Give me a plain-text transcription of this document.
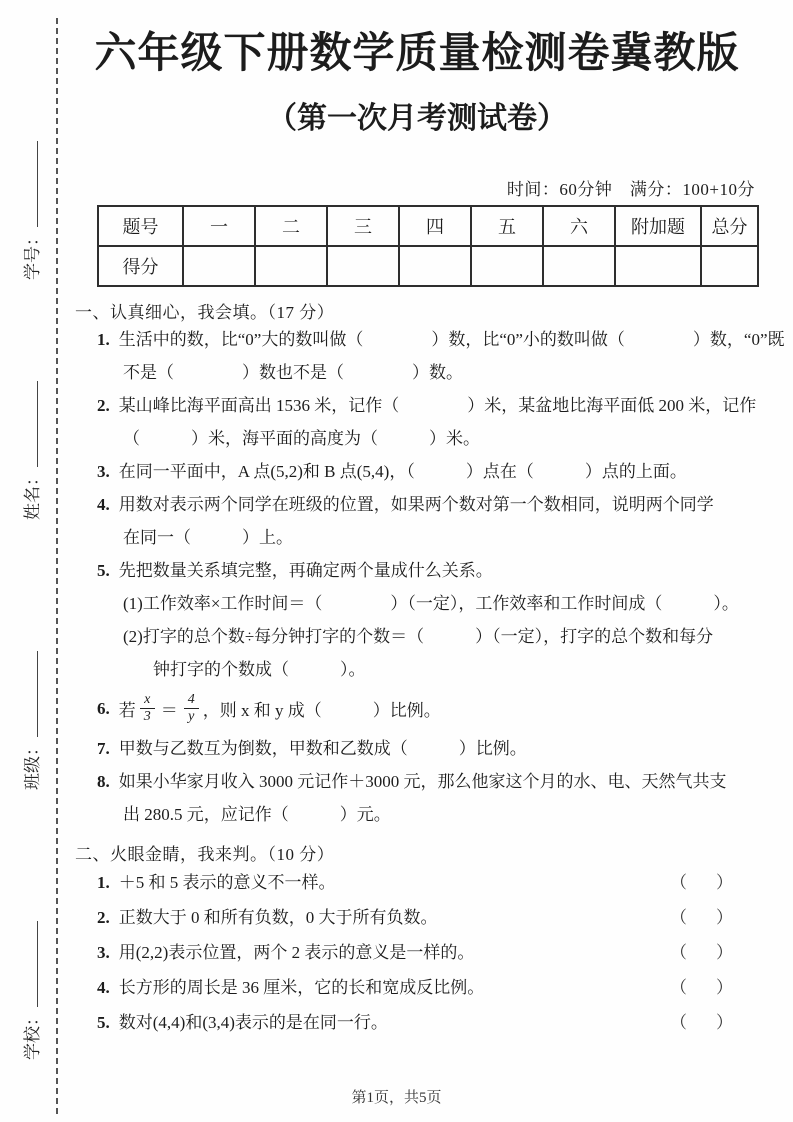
学号：
姓名：
班级：
学校：
六年级下册数学质量检测卷冀教版
（第一次月考测试卷）
时间：60分钟　满分：100+10分
题号	一	二	三	四	五	六	附加题	总分
得分								
一、认真细心，我会填。（17 分）
1. 生活中的数，比“0”大的数叫做（　　　　）数，比“0”小的数叫做（　　　　）数，“0”既
不是（　　　　）数也不是（　　　　）数。
2. 某山峰比海平面高出 1536 米，记作（　　　　）米，某盆地比海平面低 200 米，记作
（　　　）米，海平面的高度为（　　　）米。
3. 在同一平面中，A 点(5,2)和 B 点(5,4)，（　　　）点在（　　　）点的上面。
4. 用数对表示两个同学在班级的位置，如果两个数对第一个数相同，说明两个同学
在同一（　　　）上。
5. 先把数量关系填完整，再确定两个量成什么关系。
(1)工作效率×工作时间＝（　　　　）（一定），工作效率和工作时间成（　　　）。
(2)打字的总个数÷每分钟打字的个数＝（　　　）（一定），打字的总个数和每分
钟打字的个数成（　　　）。
6. 若 $\frac{x}{3} = \frac{4}{y}$ ，则 x 和 y 成（　　　）比例。
7. 甲数与乙数互为倒数，甲数和乙数成（　　　）比例。
8. 如果小华家月收入 3000 元记作＋3000 元，那么他家这个月的水、电、天然气共支
出 280.5 元，应记作（　　　）元。
二、火眼金睛，我来判。（10 分）
1. ＋5 和 5 表示的意义不一样。	（　）
2. 正数大于 0 和所有负数，0 大于所有负数。	（　）
3. 用(2,2)表示位置，两个 2 表示的意义是一样的。	（　）
4. 长方形的周长是 36 厘米，它的长和宽成反比例。	（　）
5. 数对(4,4)和(3,4)表示的是在同一行。	（　）
第1页，共5页
